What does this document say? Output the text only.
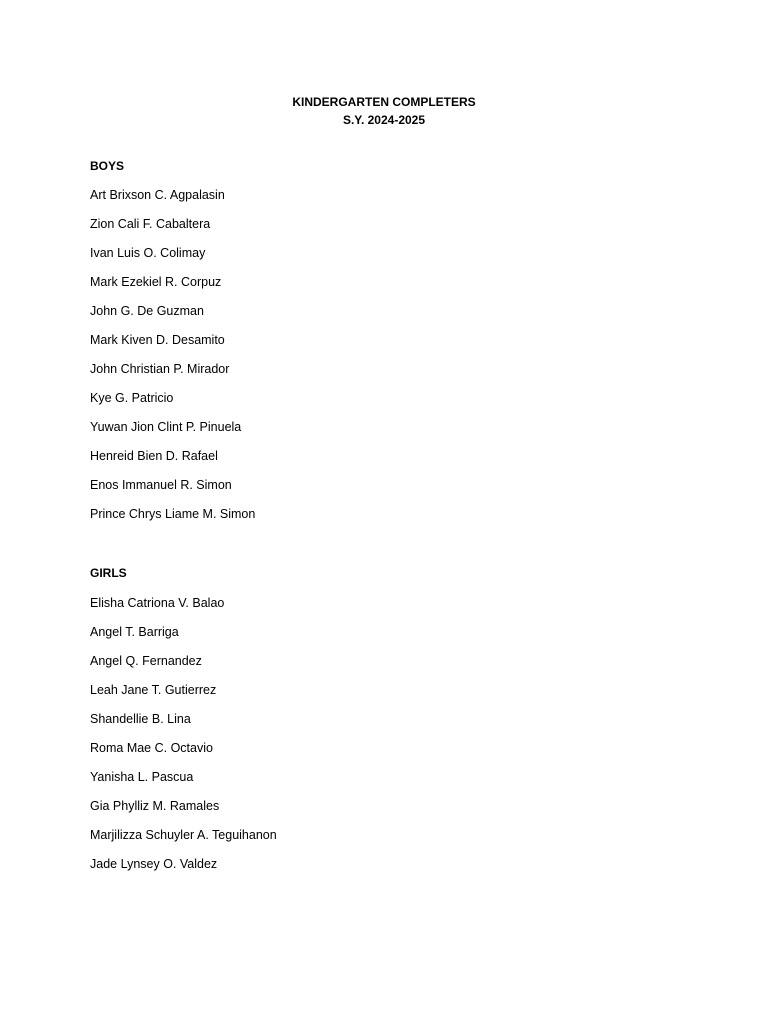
KINDERGARTEN COMPLETERS
S.Y. 2024-2025
BOYS
Art Brixson C. Agpalasin
Zion Cali F. Cabaltera
Ivan Luis O. Colimay
Mark Ezekiel R. Corpuz
John G. De Guzman
Mark Kiven D. Desamito
John Christian P. Mirador
Kye G. Patricio
Yuwan Jion Clint P. Pinuela
Henreid Bien D. Rafael
Enos Immanuel R. Simon
Prince Chrys Liame M. Simon
GIRLS
Elisha Catriona V. Balao
Angel T. Barriga
Angel Q. Fernandez
Leah Jane T. Gutierrez
Shandellie B. Lina
Roma Mae C. Octavio
Yanisha L. Pascua
Gia Phylliz M. Ramales
Marjilizza Schuyler A. Teguihanon
Jade Lynsey O. Valdez
